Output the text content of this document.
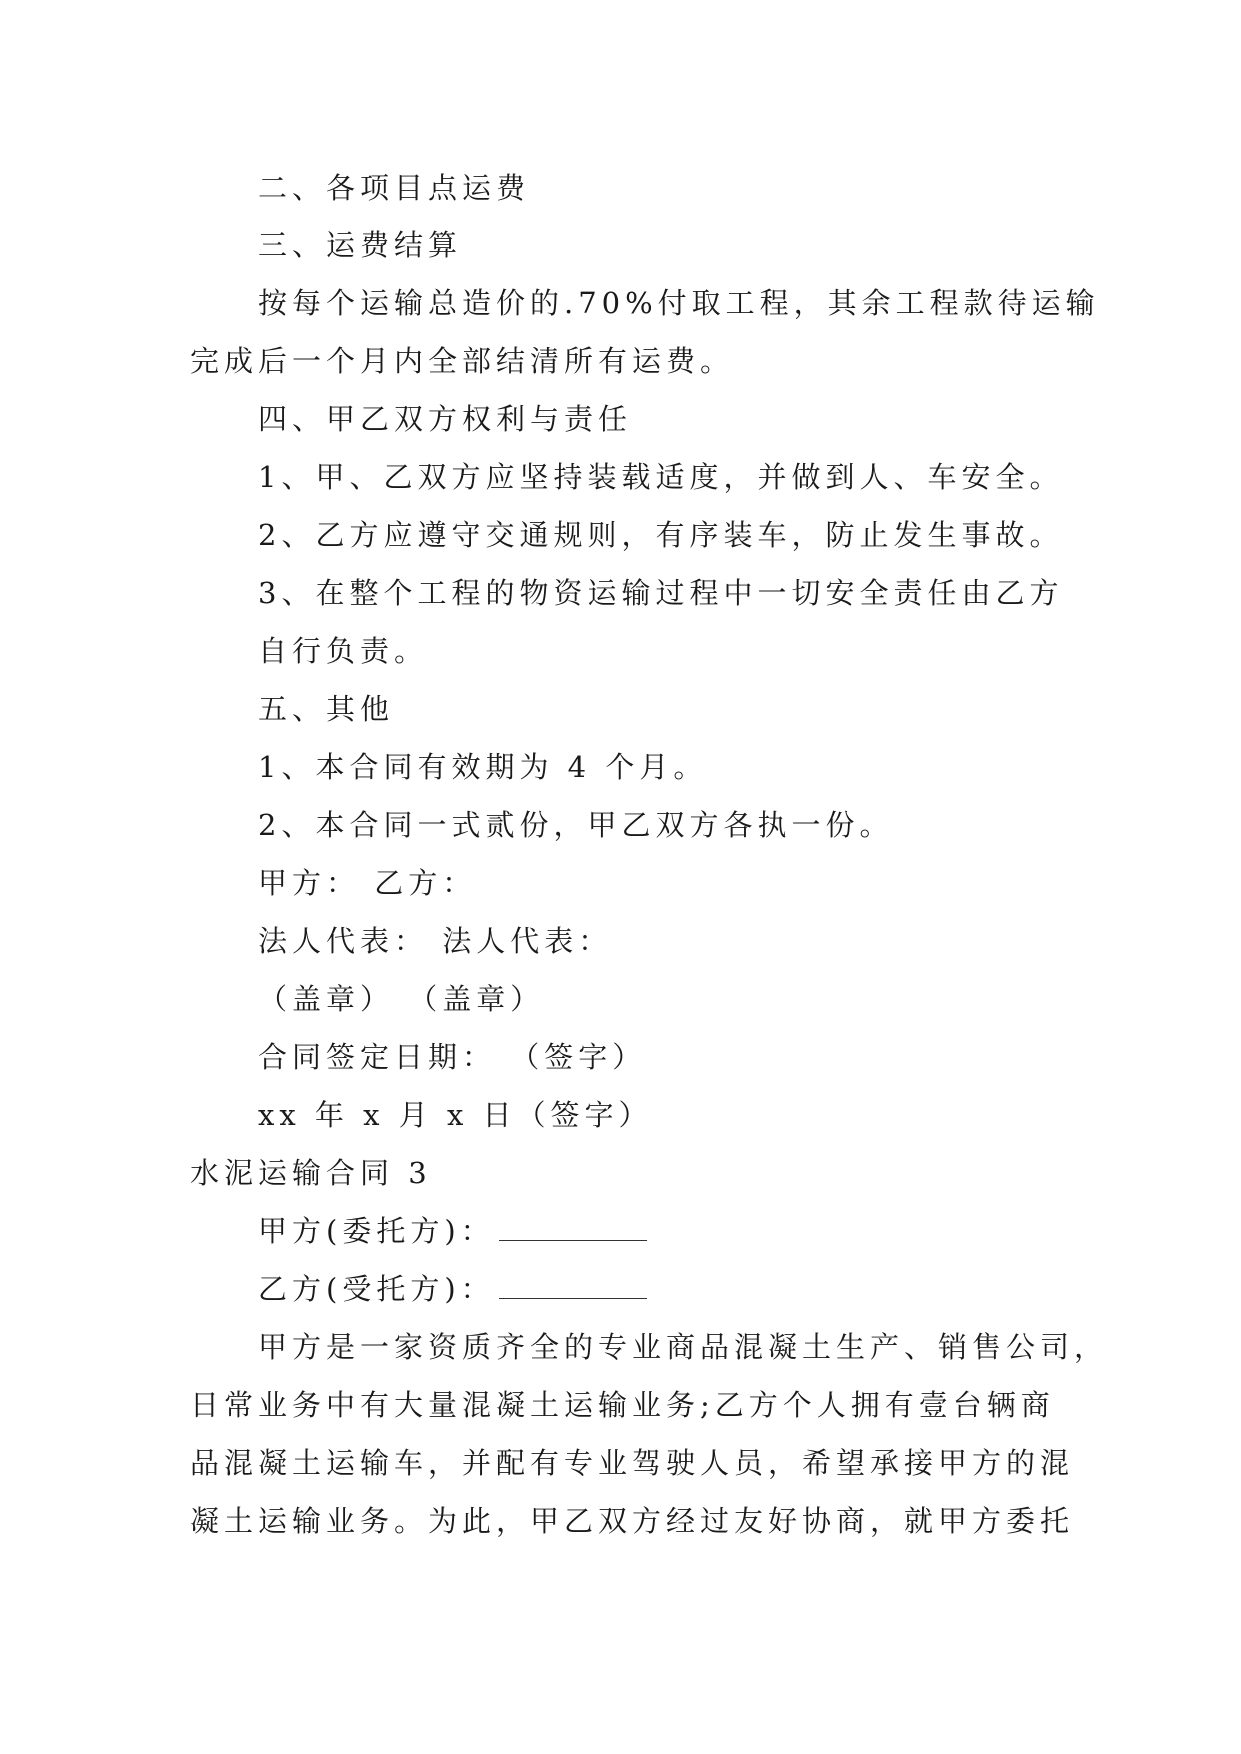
二、各项目点运费
三、运费结算
按每个运输总造价的.70%付取工程，其余工程款待运输
完成后一个月内全部结清所有运费。
四、甲乙双方权利与责任
1、甲、乙双方应坚持装载适度，并做到人、车安全。
2、乙方应遵守交通规则，有序装车，防止发生事故。
3、在整个工程的物资运输过程中一切安全责任由乙方
自行负责。
五、其他
1、本合同有效期为 4 个月。
2、本合同一式贰份，甲乙双方各执一份。
甲方： 乙方：
法人代表： 法人代表：
（盖章） （盖章）
合同签定日期： （签字）
xx 年 x 月 x 日（签字）
水泥运输合同 3
甲方(委托方)：
乙方(受托方)：
甲方是一家资质齐全的专业商品混凝土生产、销售公司，
日常业务中有大量混凝土运输业务;乙方个人拥有壹台辆商
品混凝土运输车，并配有专业驾驶人员，希望承接甲方的混
凝土运输业务。为此，甲乙双方经过友好协商，就甲方委托
